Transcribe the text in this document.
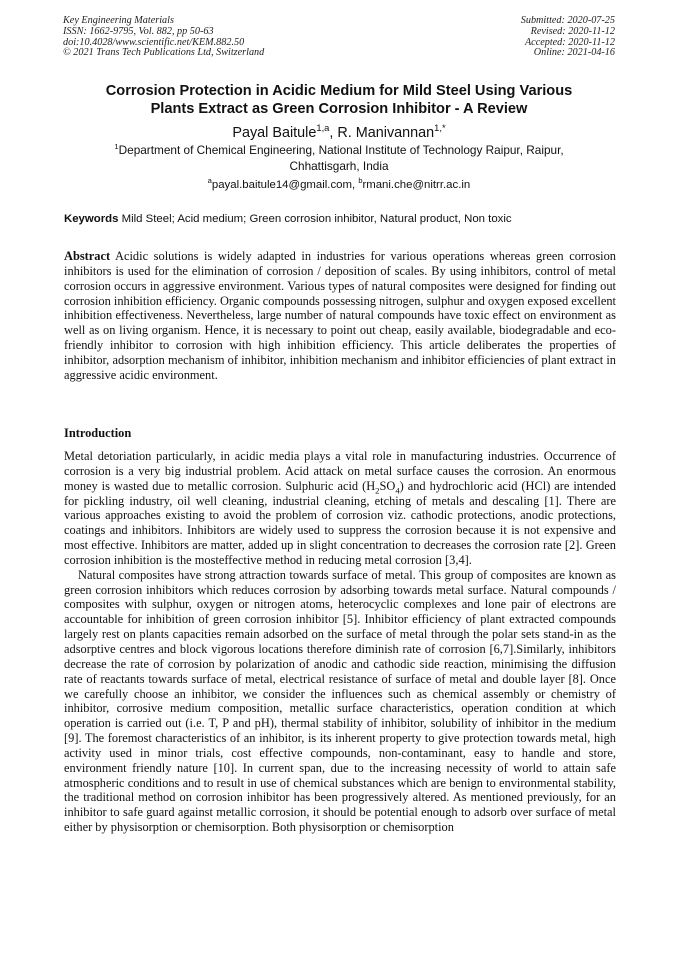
Key Engineering Materials
ISSN: 1662-9795, Vol. 882, pp 50-63
doi:10.4028/www.scientific.net/KEM.882.50
© 2021 Trans Tech Publications Ltd, Switzerland
Submitted: 2020-07-25
Revised: 2020-11-12
Accepted: 2020-11-12
Online: 2021-04-16
Corrosion Protection in Acidic Medium for Mild Steel Using Various
Plants Extract as Green Corrosion Inhibitor - A Review
Payal Baitule$^{1,a}$, R. Manivannan$^{1,*}$
$^1$Department of Chemical Engineering, National Institute of Technology Raipur, Raipur,
Chhattisgarh, India
$^a$payal.baitule14@gmail.com, $^b$rmani.che@nitrr.ac.in
Keywords Mild Steel; Acid medium; Green corrosion inhibitor, Natural product, Non toxic
Abstract Acidic solutions is widely adapted in industries for various operations whereas green corrosion inhibitors is used for the elimination of corrosion / deposition of scales. By using inhibitors, control of metal corrosion occurs in aggressive environment. Various types of natural composites were designed for finding out corrosion inhibition efficiency. Organic compounds possessing nitrogen, sulphur and oxygen exposed excellent inhibition effectiveness. Nevertheless, large number of natural compounds have toxic effect on environment as well as on living organism. Hence, it is necessary to point out cheap, easily available, biodegradable and eco-friendly inhibitor to corrosion with high inhibition efficiency. This article deliberates the properties of inhibitor, adsorption mechanism of inhibitor, inhibition mechanism and inhibitor efficiencies of plant extract in aggressive acidic environment.
Introduction

Metal detoriation particularly, in acidic media plays a vital role in manufacturing industries. Occurrence of corrosion is a very big industrial problem. Acid attack on metal surface causes the corrosion. An enormous money is wasted due to metallic corrosion. Sulphuric acid $(H_2SO_4)$ and hydrochloric acid (HCl) are intended for pickling industry, oil well cleaning, industrial cleaning, etching of metals and descaling [1]. There are various approaches existing to avoid the problem of corrosion viz. cathodic protections, anodic protections, coatings and inhibitors. Inhibitors are widely used to suppress the corrosion because it is not expensive and most effective. Inhibitors are matter, added up in slight concentration to decreases the corrosion rate [2]. Green corrosion inhibition is the mosteffective method in reducing metal corrosion [3,4].

Natural composites have strong attraction towards surface of metal. This group of composites are known as green corrosion inhibitors which reduces corrosion by adsorbing towards metal surface. Natural compounds / composites with sulphur, oxygen or nitrogen atoms, heterocyclic complexes and lone pair of electrons are accountable for inhibition of green corrosion inhibitor [5]. Inhibitor efficiency of plant extracted compounds largely rest on plants capacities remain adsorbed on the surface of metal through the polar sets stand-in as the adsorptive centres and block vigorous locations therefore diminish rate of corrosion [6,7].Similarly, inhibitors decrease the rate of corrosion by polarization of anodic and cathodic side reaction, minimising the diffusion rate of reactants towards surface of metal, electrical resistance of surface of metal and double layer [8]. Once we carefully choose an inhibitor, we consider the influences such as chemical assembly or chemistry of inhibitor, corrosive medium composition, metallic surface characteristics, operation condition at which operation is carried out (i.e. T, P and pH), thermal stability of inhibitor, solubility of inhibitor in the medium [9]. The foremost characteristics of an inhibitor, is its inherent property to give protection towards metal, high activity used in minor trials, cost effective compounds, non-contaminant, easy to handle and store, environment friendly nature [10]. In current span, due to the increasing necessity of world to attain safe atmospheric conditions and to result in use of chemical substances which are benign to environmental stability, the traditional method on corrosion inhibitor has been progressively altered. As mentioned previously, for an inhibitor to safe guard against metallic corrosion, it should be potential enough to adsorb over surface of metal either by physisorption or chemisorption. Both physisorption or chemisorption
